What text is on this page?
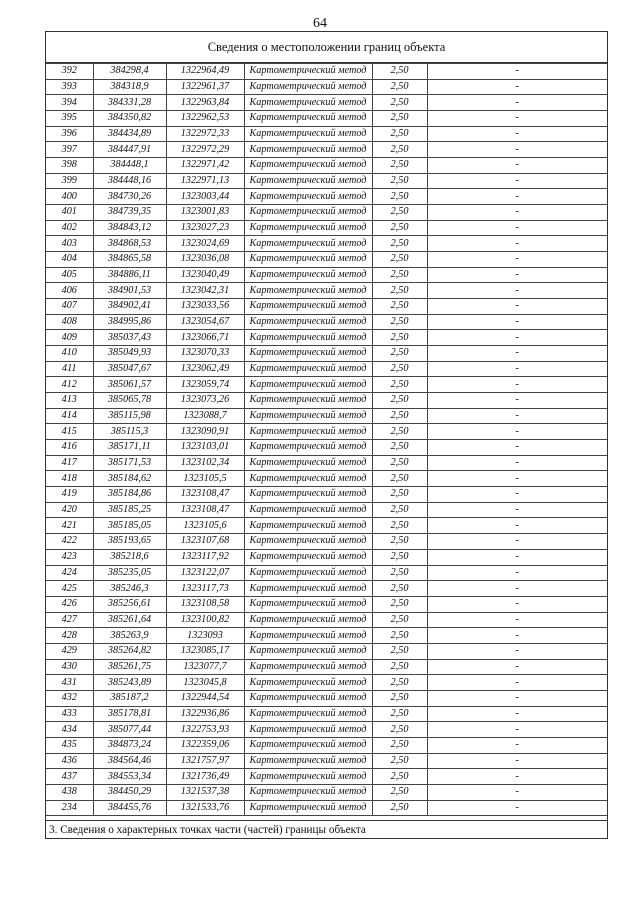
64
Сведения о местоположении границ объекта
392	384298,4	1322964,49	Картометрический метод	2,50	-
393	384318,9	1322961,37	Картометрический метод	2,50	-
394	384331,28	1322963,84	Картометрический метод	2,50	-
395	384350,82	1322962,53	Картометрический метод	2,50	-
396	384434,89	1322972,33	Картометрический метод	2,50	-
397	384447,91	1322972,29	Картометрический метод	2,50	-
398	384448,1	1322971,42	Картометрический метод	2,50	-
399	384448,16	1322971,13	Картометрический метод	2,50	-
400	384730,26	1323003,44	Картометрический метод	2,50	-
401	384739,35	1323001,83	Картометрический метод	2,50	-
402	384843,12	1323027,23	Картометрический метод	2,50	-
403	384868,53	1323024,69	Картометрический метод	2,50	-
404	384865,58	1323036,08	Картометрический метод	2,50	-
405	384886,11	1323040,49	Картометрический метод	2,50	-
406	384901,53	1323042,31	Картометрический метод	2,50	-
407	384902,41	1323033,56	Картометрический метод	2,50	-
408	384995,86	1323054,67	Картометрический метод	2,50	-
409	385037,43	1323066,71	Картометрический метод	2,50	-
410	385049,93	1323070,33	Картометрический метод	2,50	-
411	385047,67	1323062,49	Картометрический метод	2,50	-
412	385061,57	1323059,74	Картометрический метод	2,50	-
413	385065,78	1323073,26	Картометрический метод	2,50	-
414	385115,98	1323088,7	Картометрический метод	2,50	-
415	385115,3	1323090,91	Картометрический метод	2,50	-
416	385171,11	1323103,01	Картометрический метод	2,50	-
417	385171,53	1323102,34	Картометрический метод	2,50	-
418	385184,62	1323105,5	Картометрический метод	2,50	-
419	385184,86	1323108,47	Картометрический метод	2,50	-
420	385185,25	1323108,47	Картометрический метод	2,50	-
421	385185,05	1323105,6	Картометрический метод	2,50	-
422	385193,65	1323107,68	Картометрический метод	2,50	-
423	385218,6	1323117,92	Картометрический метод	2,50	-
424	385235,05	1323122,07	Картометрический метод	2,50	-
425	385246,3	1323117,73	Картометрический метод	2,50	-
426	385256,61	1323108,58	Картометрический метод	2,50	-
427	385261,64	1323100,82	Картометрический метод	2,50	-
428	385263,9	1323093	Картометрический метод	2,50	-
429	385264,82	1323085,17	Картометрический метод	2,50	-
430	385261,75	1323077,7	Картометрический метод	2,50	-
431	385243,89	1323045,8	Картометрический метод	2,50	-
432	385187,2	1322944,54	Картометрический метод	2,50	-
433	385178,81	1322936,86	Картометрический метод	2,50	-
434	385077,44	1322753,93	Картометрический метод	2,50	-
435	384873,24	1322359,06	Картометрический метод	2,50	-
436	384564,46	1321757,97	Картометрический метод	2,50	-
437	384553,34	1321736,49	Картометрический метод	2,50	-
438	384450,29	1321537,38	Картометрический метод	2,50	-
234	384455,76	1321533,76	Картометрический метод	2,50	-
3. Сведения о характерных точках части (частей) границы объекта
